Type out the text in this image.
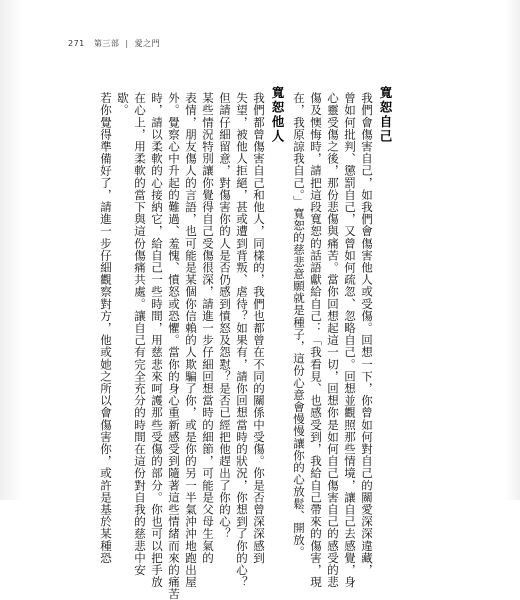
271 第三部 | 愛之門
寬恕自己
我們會傷害自己，如我們會傷害他人或受傷。回想一下，你曾如何對自己的關愛深深違藏，
曾如何批判、懲罰自己，又曾如何疏忽、忽略自己。回想並觀照那些情境，讓自己去感覺，身
心靈受傷之後，那份悲傷與痛苦。當你回想起這一切，回想你是如何自己傷害自己的感受的悲
傷及懊悔時，請把這段寬恕的話語獻給自己：「我看見、也感受到，我給自己帶來的傷害，現
在，我原諒我自己。」寬恕的慈悲意願就是種子，這份心意會慢慢讓你的心放鬆、開放。
寬恕他人
我們都曾傷害自己和他人，同樣的，我們也都曾在不同的關係中受傷。你是否曾深深感到
失望，被他人拒絕，甚或遭到背叛、虐待？如果有，請你回想當時的狀況，你想到了你的心？
但請仔細留意，對傷害你的人是否仍感到憤怒及怨懟？是否已經把他趕出了你的心？
某些情況特別讓你覺得自己受傷很深，請進一步仔細回想當時的細節，可能是父母生氣的
表情，朋友傷人的言語，也可能是某個你信賴的人欺騙了你，或是你的另一半氣沖沖地跑出屋
外。覺察心中升起的難過、羞愧、憤怒或恐懼。當你的身心重新感受到隨著這些情緒而來的痛苦
時，請以柔軟的心接納它，給自己一些時間，用慈悲來呵護那些受傷的部分。你也可以把手放
在心上，用柔軟的當下與這份傷痛共處。讓自己有完全充分的時間在這份對自我的慈悲中安
歇。
若你覺得準備好了，請進一步仔細觀察對方，他或她之所以會傷害你，或許是基於某種恐
